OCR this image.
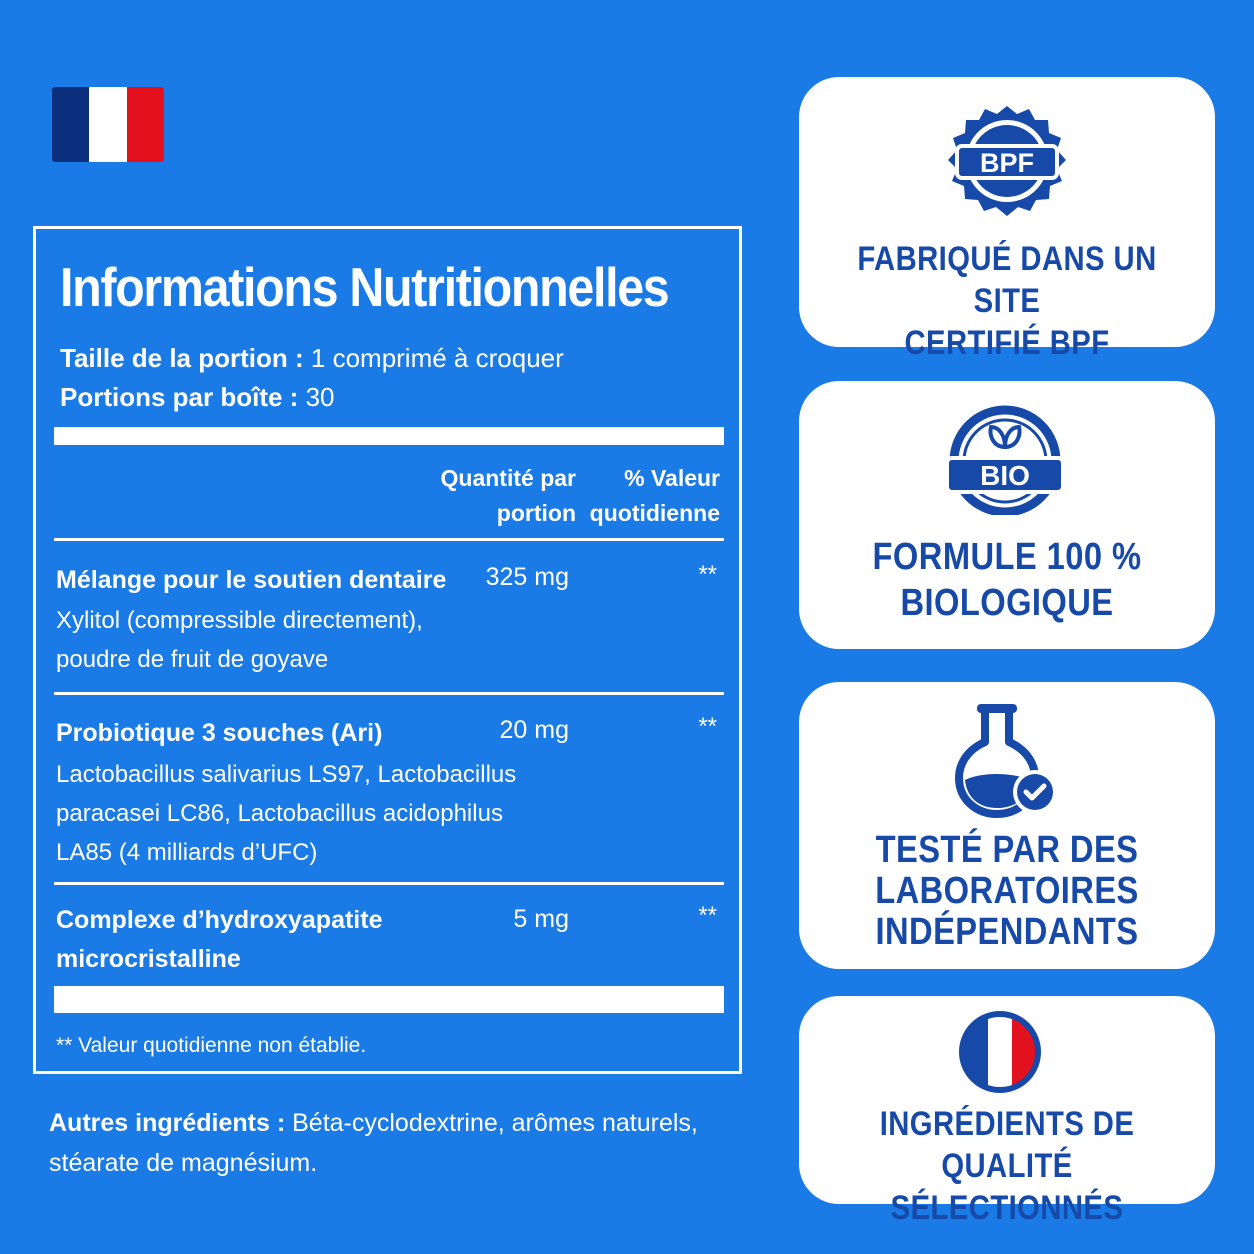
Informations Nutritionnelles
Taille de la portion : 1 comprimé à croquer
Portions par boîte : 30
Quantité par
portion
% Valeur
quotidienne
Mélange pour le soutien dentaire
Xylitol (compressible directement), poudre de fruit de goyave
325 mg	**
Probiotique 3 souches (Ari)
Lactobacillus salivarius LS97, Lactobacillus paracasei LC86, Lactobacillus acidophilus LA85 (4 milliards d’UFC)
20 mg	**
Complexe d’hydroxyapatite
microcristalline
5 mg	**
** Valeur quotidienne non établie.
Autres ingrédients : Béta-cyclodextrine, arômes naturels, stéarate de magnésium.
BPF
FABRIQUÉ DANS UN SITE
CERTIFIÉ BPF
BIO
FORMULE 100 %
BIOLOGIQUE
TESTÉ PAR DES
LABORATOIRES
INDÉPENDANTS
INGRÉDIENTS DE QUALITÉ
SÉLECTIONNÉS
